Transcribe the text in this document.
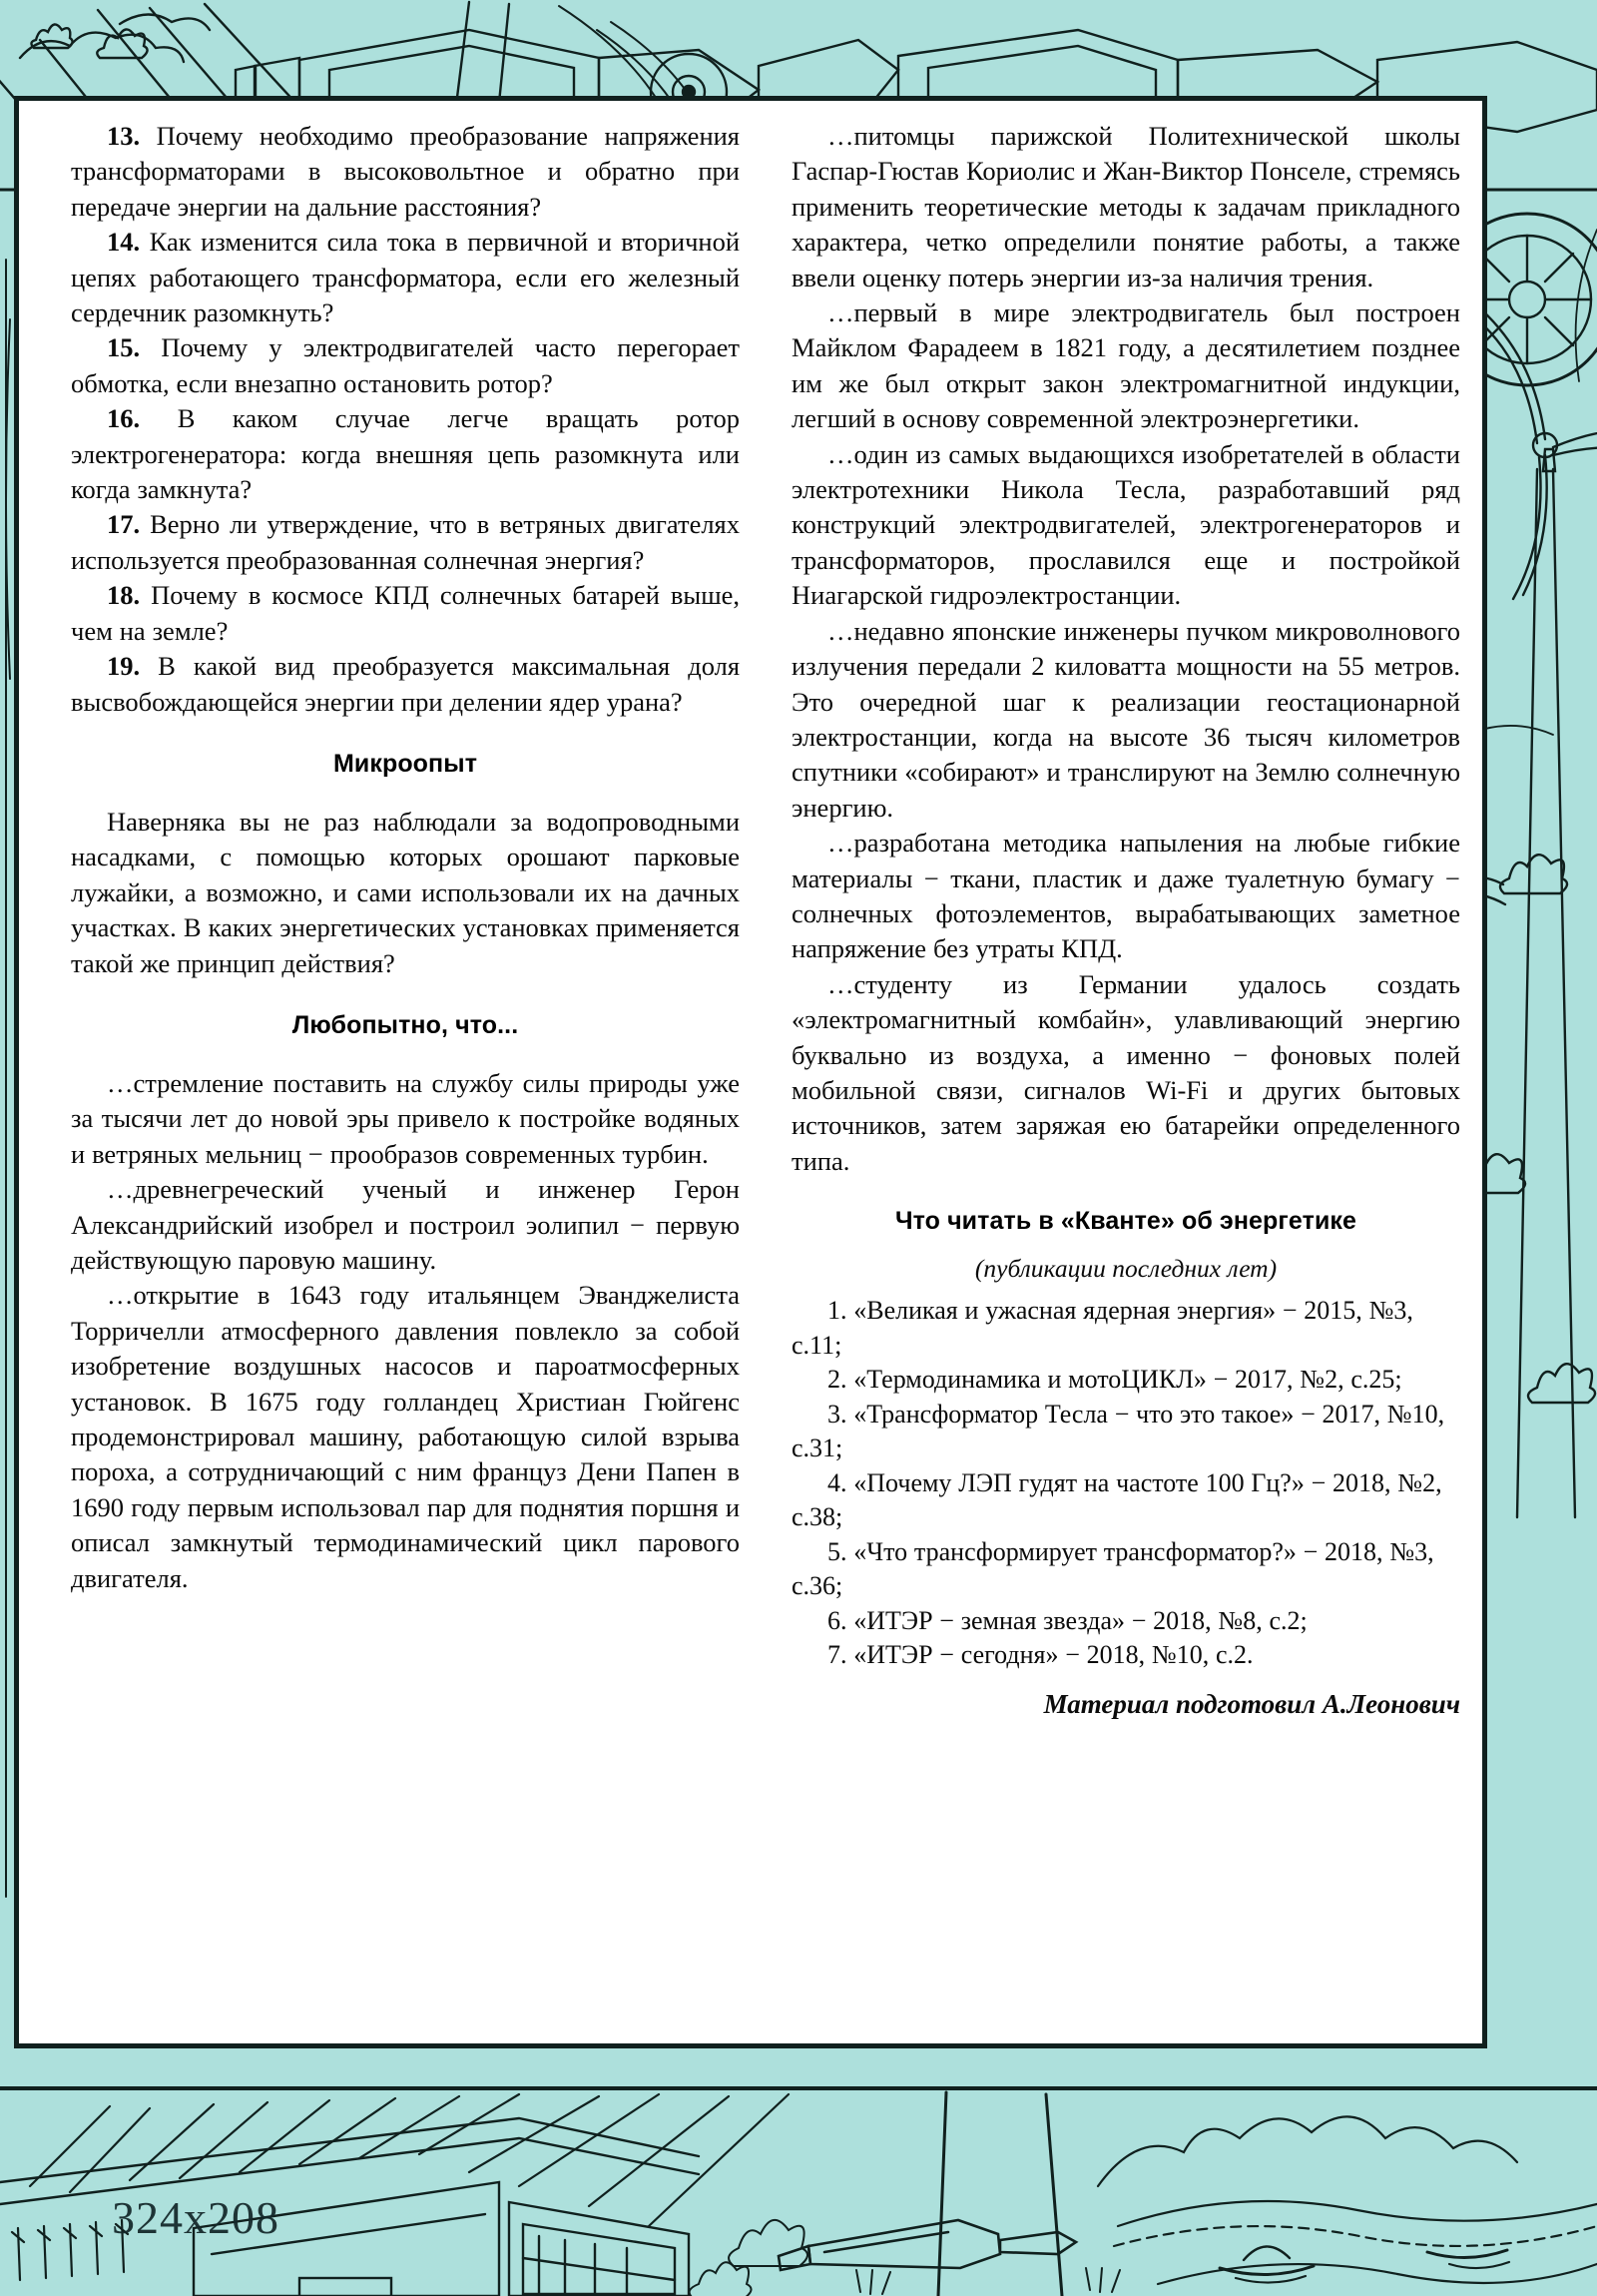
324x208

13. Почему необходимо преобразование напряжения трансформаторами в высоковольтное и обратно при передаче энергии на дальние расстояния?

14. Как изменится сила тока в первичной и вторичной цепях работающего трансформатора, если его железный сердечник разомкнуть?

15. Почему у электродвигателей часто перегорает обмотка, если внезапно остановить ротор?

16. В каком случае легче вращать ротор электрогенератора: когда внешняя цепь разомкнута или когда замкнута?

17. Верно ли утверждение, что в ветряных двигателях используется преобразованная солнечная энергия?

18. Почему в космосе КПД солнечных батарей выше, чем на земле?

19. В какой вид преобразуется максимальная доля высвобождающейся энергии при делении ядер урана?

Микроопыт

Наверняка вы не раз наблюдали за водопроводными насадками, с помощью которых орошают парковые лужайки, а возможно, и сами использовали их на дачных участках. В каких энергетических установках применяется такой же принцип действия?

Любопытно, что...

…стремление поставить на службу силы природы уже за тысячи лет до новой эры привело к постройке водяных и ветряных мельниц − прообразов современных турбин.

…древнегреческий ученый и инженер Герон Александрийский изобрел и построил эолипил − первую действующую паровую машину.

…открытие в 1643 году итальянцем Эванджелиста Торричелли атмосферного давления повлекло за собой изобретение воздушных насосов и пароатмосферных установок. В 1675 году голландец Христиан Гюйгенс продемонстрировал машину, работающую силой взрыва пороха, а сотрудничающий с ним француз Дени Папен в 1690 году первым использовал пар для поднятия поршня и описал замкнутый термодинамический цикл парового двигателя.

…питомцы парижской Политехнической школы Гаспар-Гюстав Кориолис и Жан-Виктор Понселе, стремясь применить теоретические методы к задачам прикладного характера, четко определили понятие работы, а также ввели оценку потерь энергии из-за наличия трения.

…первый в мире электродвигатель был построен Майклом Фарадеем в 1821 году, а десятилетием позднее им же был открыт закон электромагнитной индукции, легший в основу современной электроэнергетики.

…один из самых выдающихся изобретателей в области электротехники Никола Тесла, разработавший ряд конструкций электродвигателей, электрогенераторов и трансформаторов, прославился еще и постройкой Ниагарской гидроэлектростанции.

…недавно японские инженеры пучком микроволнового излучения передали 2 киловатта мощности на 55 метров. Это очередной шаг к реализации геостационарной электростанции, когда на высоте 36 тысяч километров спутники «собирают» и транслируют на Землю солнечную энергию.

…разработана методика напыления на любые гибкие материалы − ткани, пластик и даже туалетную бумагу − солнечных фотоэлементов, вырабатывающих заметное напряжение без утраты КПД.

…студенту из Германии удалось создать «электромагнитный комбайн», улавливающий энергию буквально из воздуха, а именно − фоновых полей мобильной связи, сигналов Wi-Fi и других бытовых источников, затем заряжая ею батарейки определенного типа.

Что читать в «Кванте» об энергетике
(публикации последних лет)

1. «Великая и ужасная ядерная энергия» − 2015, №3, с.11;

2. «Термодинамика и мотоЦИКЛ» − 2017, №2, с.25;

3. «Трансформатор Тесла − что это такое» − 2017, №10, с.31;

4. «Почему ЛЭП гудят на частоте 100 Гц?» − 2018, №2, с.38;

5. «Что трансформирует трансформатор?» − 2018, №3, с.36;

6. «ИТЭР − земная звезда» − 2018, №8, с.2;

7. «ИТЭР − сегодня» − 2018, №10, с.2.

Материал подготовил А.Леонович
